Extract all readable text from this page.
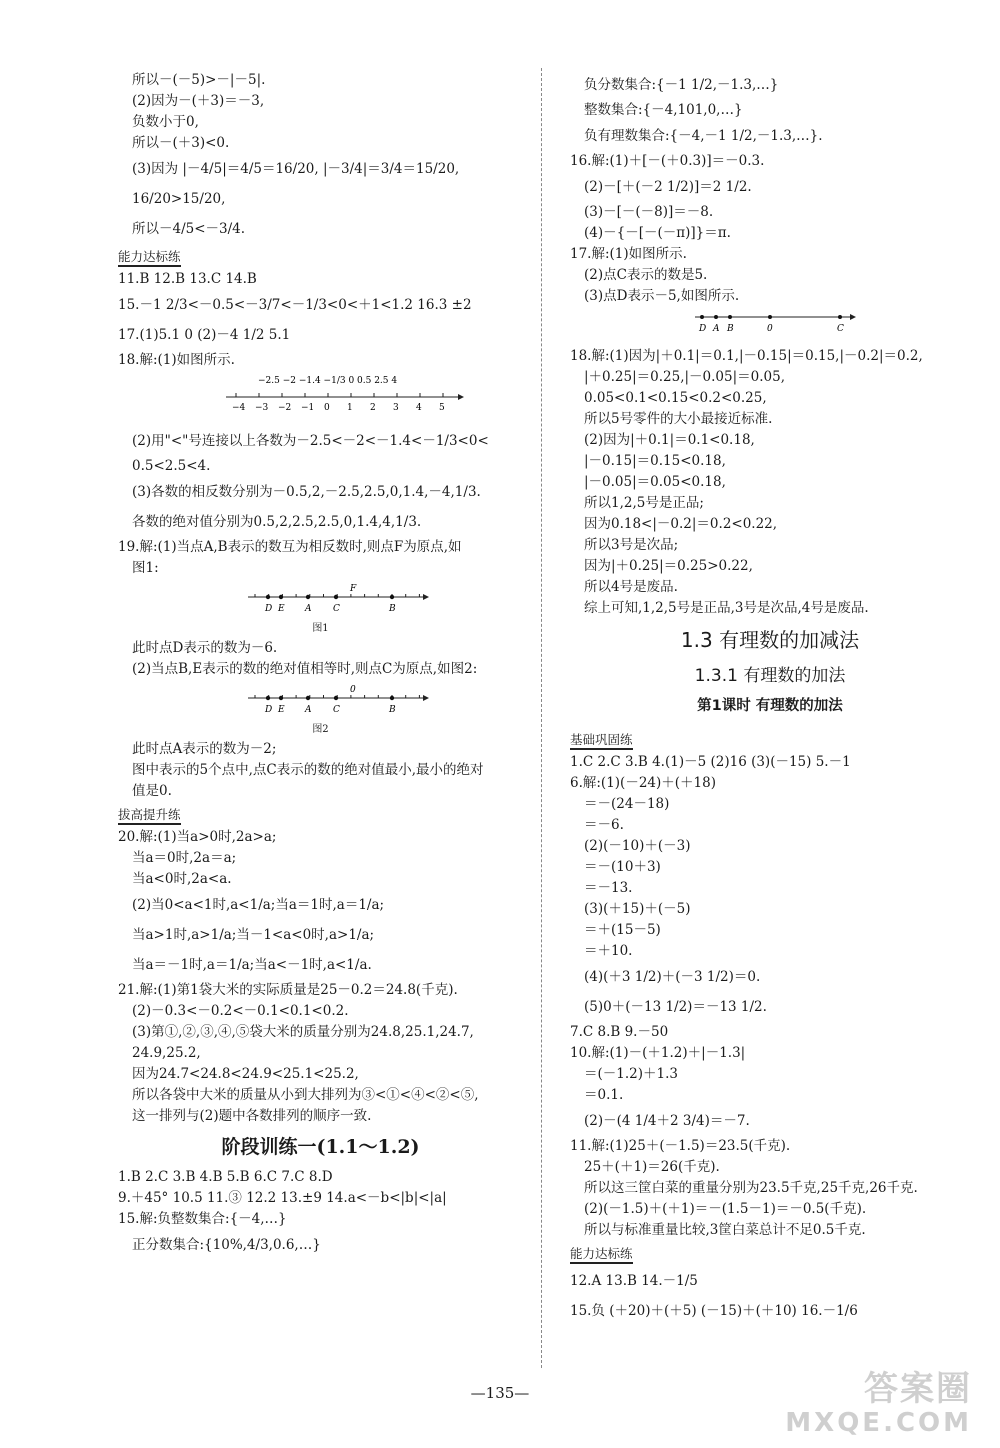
所以－(－5)>－|－5|.
(2)因为－(＋3)＝－3,
负数小于0,
所以－(＋3)<0.
(3)因为 |－4/5|＝4/5＝16/20, |－3/4|＝3/4＝15/20,
16/20>15/20,
所以－4/5<－3/4.
能力达标练
11.B 12.B 13.C 14.B
15.－1 2/3<－0.5<－3/7<－1/3<0<＋1<1.2 16.3 ±2
17.(1)5.1 0 (2)－4 1/2 5.1
18.解:(1)如图所示.
−2.5 −2 −1.4 −1/3 0 0.5 2.5 4
−4 −3 −2 −1 0 1 2 3 4 5
(2)用"<"号连接以上各数为－2.5<－2<－1.4<－1/3<0<
0.5<2.5<4.
(3)各数的相反数分别为－0.5,2,－2.5,2.5,0,1.4,－4,1/3.
各数的绝对值分别为0.5,2,2.5,2.5,0,1.4,4,1/3.
19.解:(1)当点A,B表示的数互为相反数时,则点F为原点,如
图1:
D E A C	B
F
图1
此时点D表示的数为－6.
(2)当点B,E表示的数的绝对值相等时,则点C为原点,如图2:
D E A C	B
0
图2
此时点A表示的数为－2;
图中表示的5个点中,点C表示的数的绝对值最小,最小的绝对
值是0.
拔高提升练
20.解:(1)当a>0时,2a>a;
当a＝0时,2a＝a;
当a<0时,2a<a.
(2)当0<a<1时,a<1/a;当a＝1时,a＝1/a;
当a>1时,a>1/a;当－1<a<0时,a>1/a;
当a＝－1时,a＝1/a;当a<－1时,a<1/a.
21.解:(1)第1袋大米的实际质量是25－0.2＝24.8(千克).
(2)－0.3<－0.2<－0.1<0.1<0.2.
(3)第①,②,③,④,⑤袋大米的质量分别为24.8,25.1,24.7,
24.9,25.2,
因为24.7<24.8<24.9<25.1<25.2,
所以各袋中大米的质量从小到大排列为③<①<④<②<⑤,
这一排列与(2)题中各数排列的顺序一致.
阶段训练一(1.1～1.2)
1.B 2.C 3.B 4.B 5.B 6.C 7.C 8.D
9.＋45° 10.5 11.③ 12.2 13.±9 14.a<－b<|b|<|a|
15.解:负整数集合:{－4,…}
正分数集合:{10%,4/3,0.6,…}
负分数集合:{－1 1/2,－1.3,…}
整数集合:{－4,101,0,…}
负有理数集合:{－4,－1 1/2,－1.3,…}.
16.解:(1)＋[－(＋0.3)]＝－0.3.
(2)－[＋(－2 1/2)]＝2 1/2.
(3)－[－(－8)]＝－8.
(4)－{－[－(－π)]}＝π.
17.解:(1)如图所示.
(2)点C表示的数是5.
(3)点D表示－5,如图所示.
D A B	0	C
18.解:(1)因为|＋0.1|＝0.1,|－0.15|＝0.15,|－0.2|＝0.2,
|＋0.25|＝0.25,|－0.05|＝0.05,
0.05<0.1<0.15<0.2<0.25,
所以5号零件的大小最接近标准.
(2)因为|＋0.1|＝0.1<0.18,
|－0.15|＝0.15<0.18,
|－0.05|＝0.05<0.18,
所以1,2,5号是正品;
因为0.18<|－0.2|＝0.2<0.22,
所以3号是次品;
因为|＋0.25|＝0.25>0.22,
所以4号是废品.
综上可知,1,2,5号是正品,3号是次品,4号是废品.
1.3 有理数的加减法
1.3.1 有理数的加法
第1课时 有理数的加法
基础巩固练
1.C 2.C 3.B 4.(1)－5 (2)16 (3)(－15) 5.－1
6.解:(1)(－24)＋(＋18)
＝－(24－18)
＝－6.
(2)(－10)＋(－3)
＝－(10＋3)
＝－13.
(3)(＋15)＋(－5)
＝＋(15－5)
＝＋10.
(4)(＋3 1/2)＋(－3 1/2)＝0.
(5)0＋(－13 1/2)＝－13 1/2.
7.C 8.B 9.－50
10.解:(1)－(＋1.2)＋|－1.3|
＝(－1.2)＋1.3
＝0.1.
(2)－(4 1/4＋2 3/4)＝－7.
11.解:(1)25＋(－1.5)＝23.5(千克).
25＋(＋1)＝26(千克).
所以这三筐白菜的重量分别为23.5千克,25千克,26千克.
(2)(－1.5)＋(＋1)＝－(1.5－1)＝－0.5(千克).
所以与标准重量比较,3筐白菜总计不足0.5千克.
能力达标练
12.A 13.B 14.－1/5
15.负 (＋20)＋(＋5) (－15)＋(＋10) 16.－1/6
—135—	答案圈
MXQE.COM
